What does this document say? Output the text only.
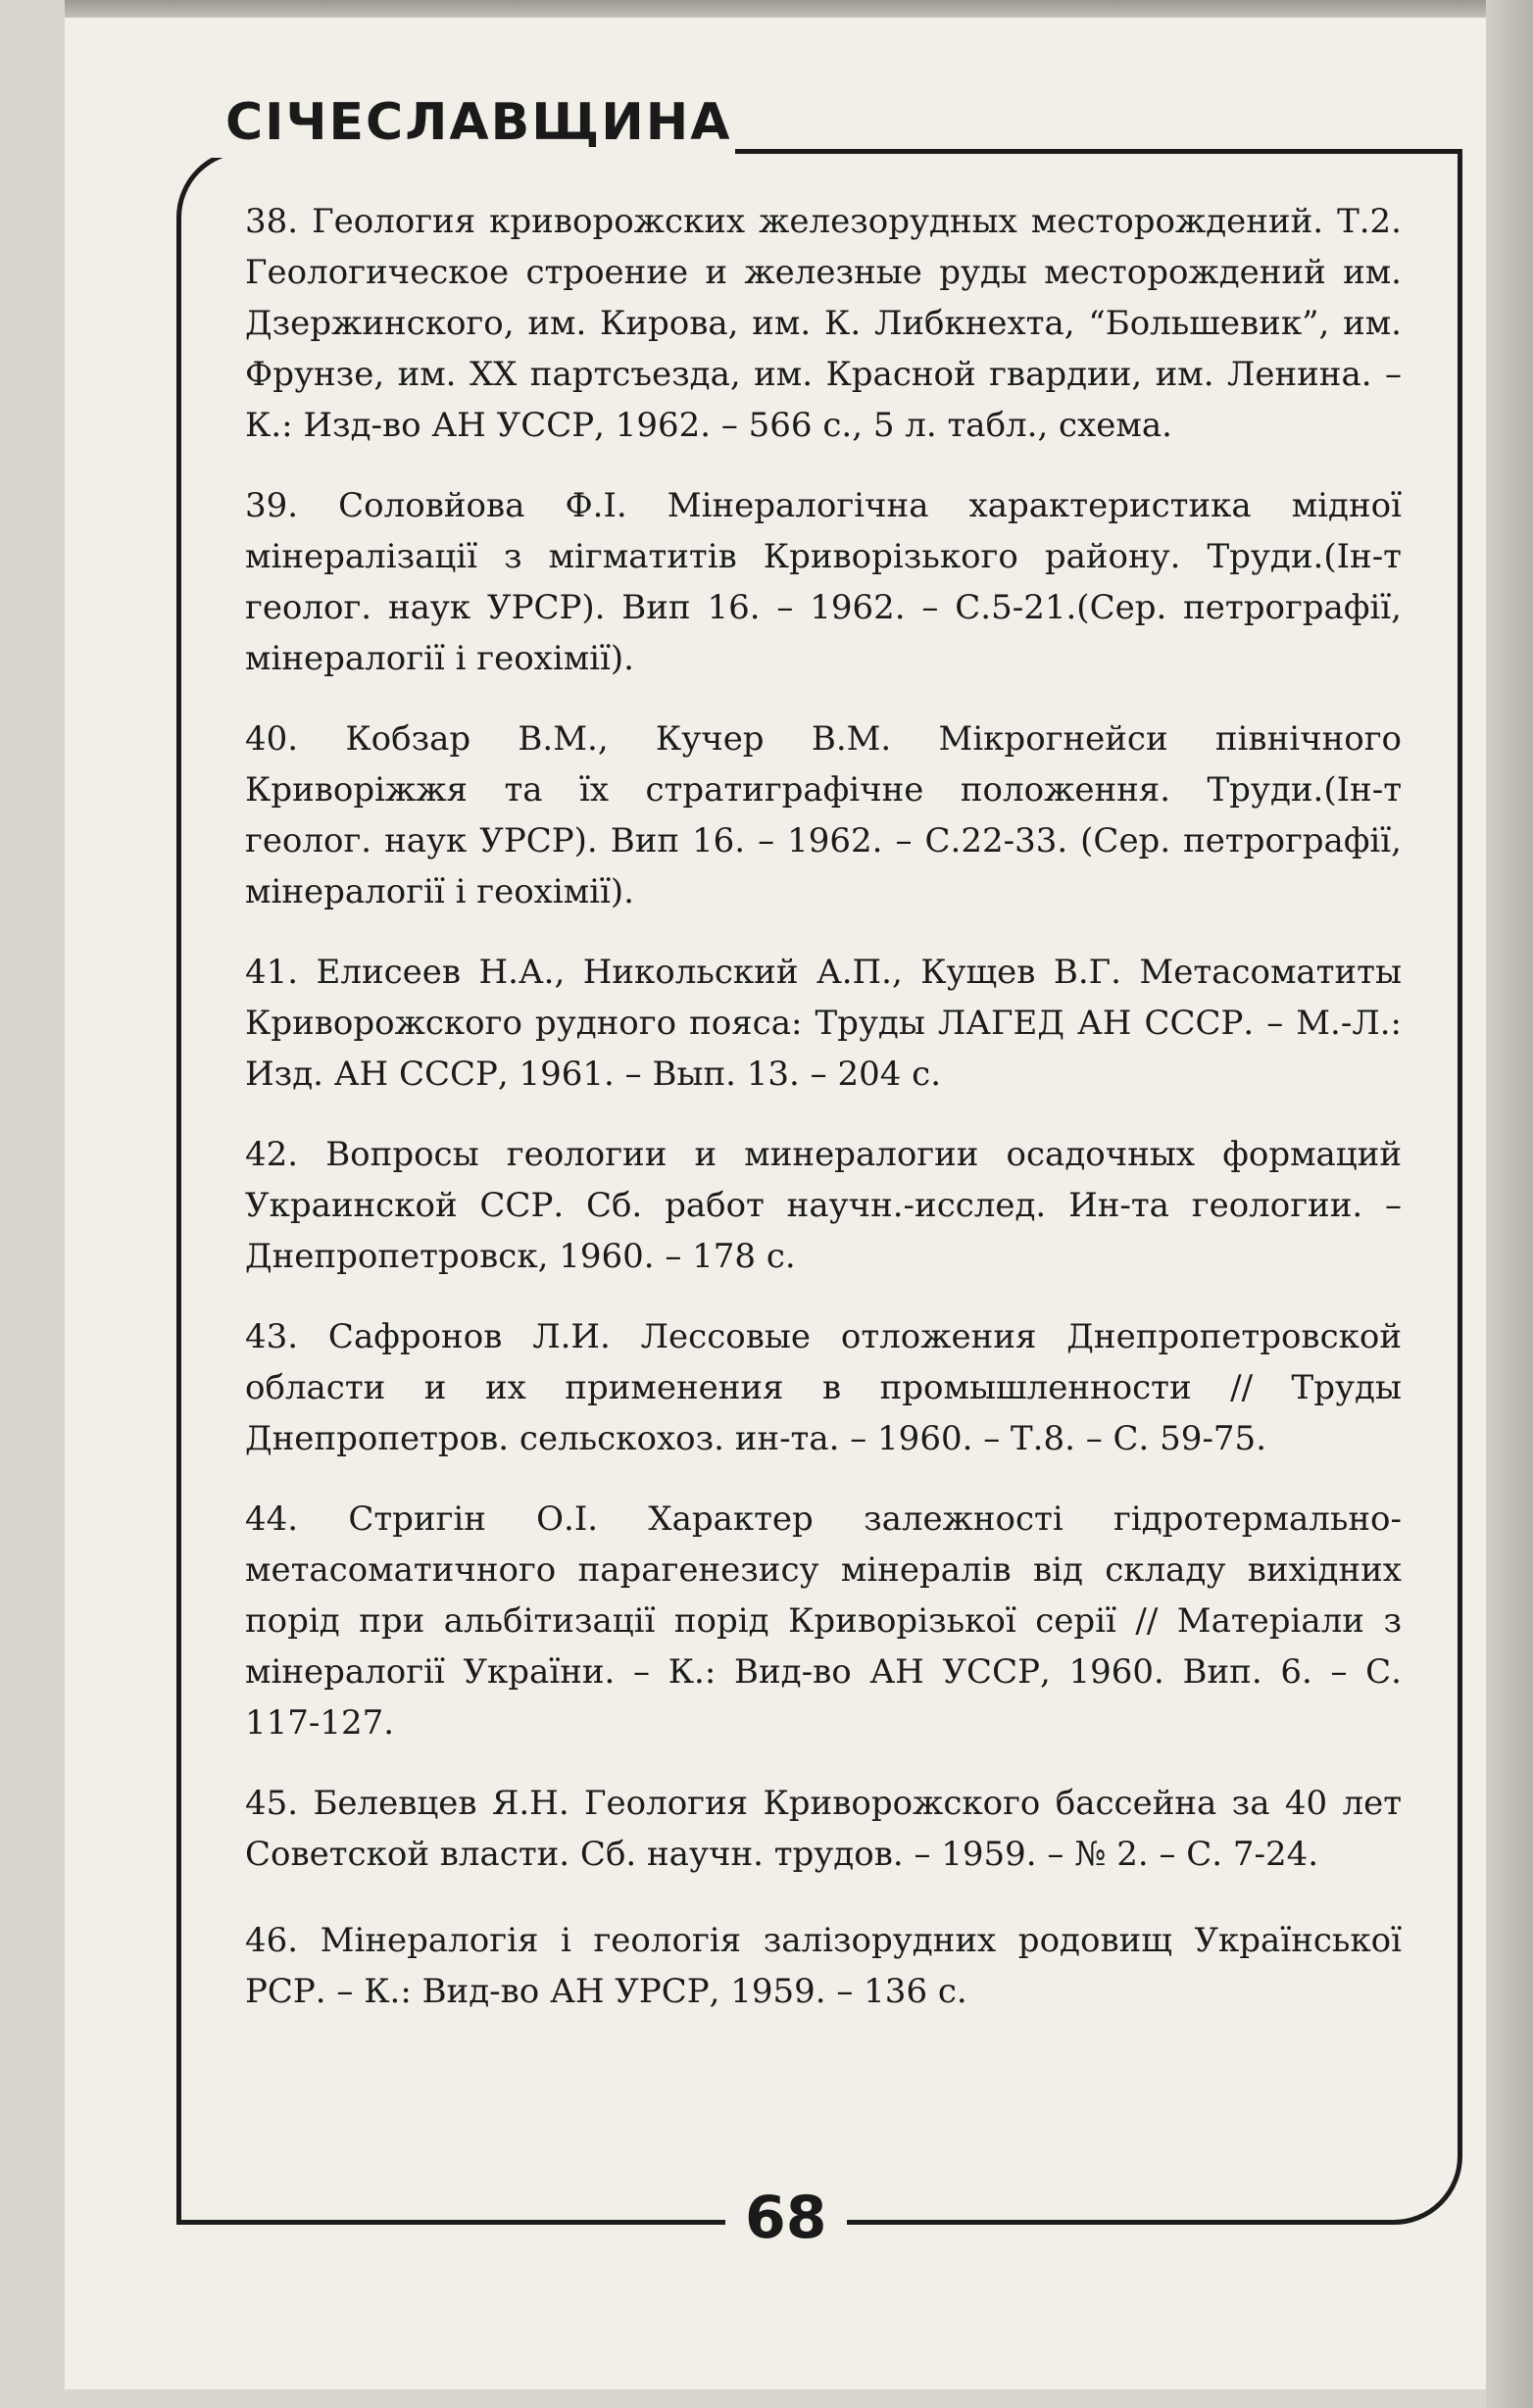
СІЧЕСЛАВЩИНА

38. Геология криворожских железорудных месторождений. Т.2. Геологическое строение и железные руды месторождений им. Дзержинского, им. Кирова, им. К. Либкнехта, “Большевик”, им. Фрунзе, им. XX партсъезда, им. Красной гвардии, им. Ленина. – К.: Изд-во АН УССР, 1962. – 566 с., 5 л. табл., схема.

39. Соловйова Ф.І. Мінералогічна характеристика мідної мінералізації з мігматитів Криворізького району. Труди.(Ін-т геолог. наук УРСР). Вип 16. – 1962. – С.5-21.(Сер. петрографії, мінералогії і геохімії).

40. Кобзар В.М., Кучер В.М. Мікрогнейси північного Криворіжжя та їх стратиграфічне положення. Труди.(Ін-т геолог. наук УРСР). Вип 16. – 1962. – С.22-33. (Сер. петрографії, мінералогії і геохімії).

41. Елисеев Н.А., Никольский А.П., Кущев В.Г. Метасоматиты Криворожского рудного пояса: Труды ЛАГЕД АН СССР. – М.-Л.: Изд. АН СССР, 1961. – Вып. 13. – 204 с.

42. Вопросы геологии и минералогии осадочных формаций Украинской ССР. Сб. работ научн.-исслед. Ин-та геологии. – Днепропетровск, 1960. – 178 с.

43. Сафронов Л.И. Лессовые отложения Днепропетровской области и их применения в промышленности // Труды Днепропетров. сельскохоз. ин-та. – 1960. – Т.8. – С. 59-75.

44. Стригін О.І. Характер залежності гідротермально-метасоматичного парагенезису мінералів від складу вихідних порід при альбітизації порід Криворізької серії // Матеріали з мінералогії України. – К.: Вид-во АН УССР, 1960. Вип. 6. – С. 117-127.

45. Белевцев Я.Н. Геология Криворожского бассейна за 40 лет Советской власти. Сб. научн. трудов. – 1959. – № 2. – С. 7-24.

46. Мінералогія і геологія залізорудних родовищ Української РСР. – К.: Вид-во АН УРСР, 1959. – 136 с.

68
